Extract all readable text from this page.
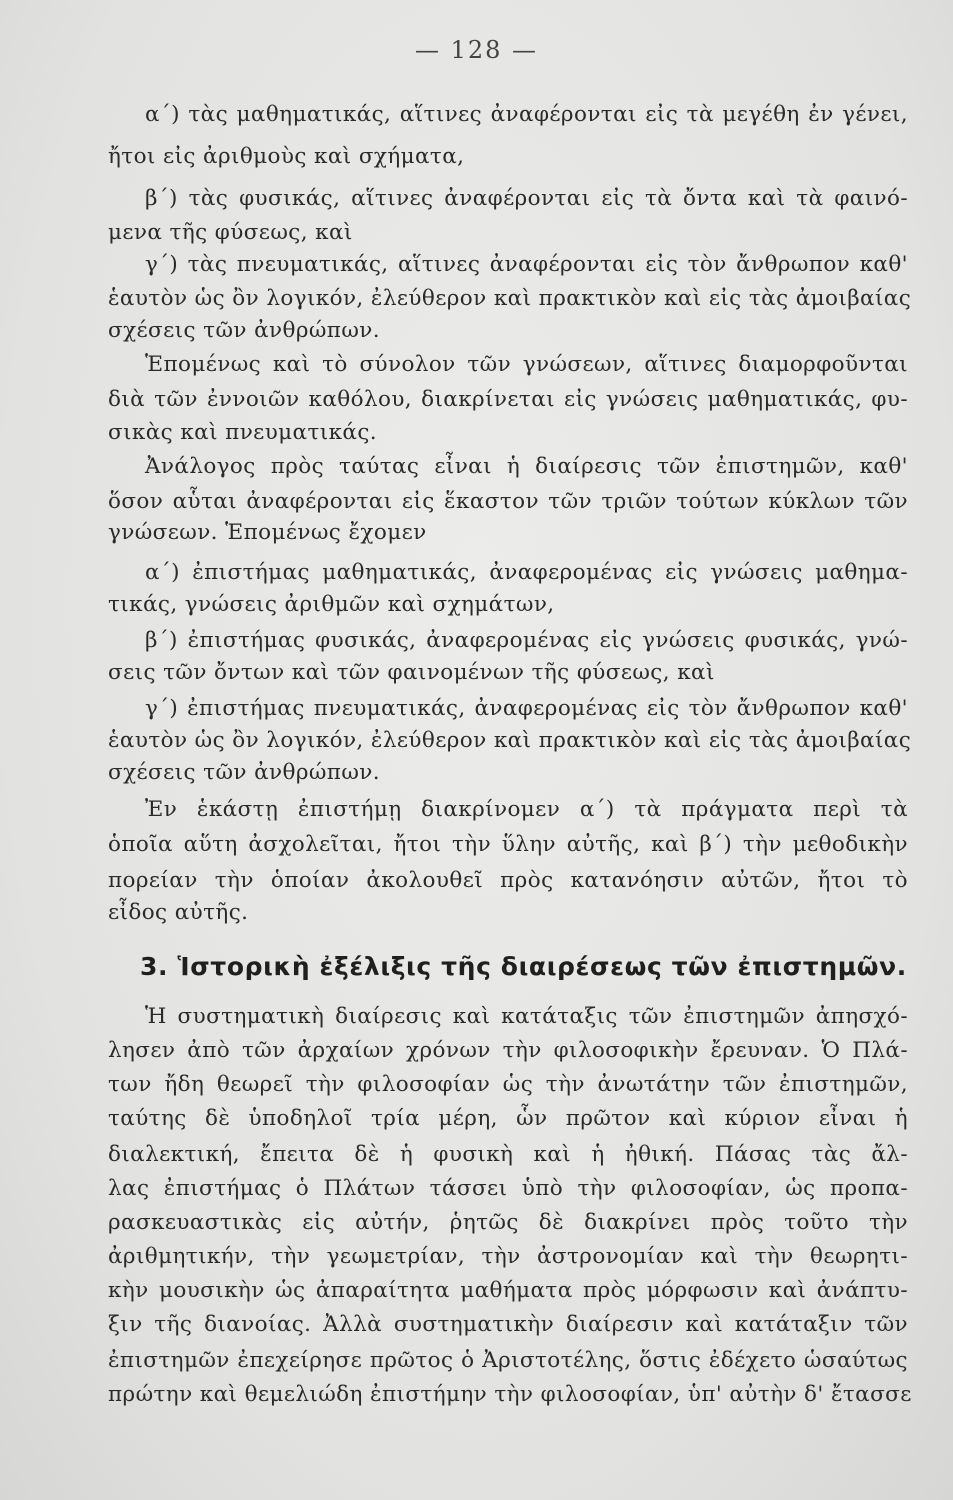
— 128 —
α΄) τὰς μαθηματικάς, αἵτινες ἀναφέρονται εἰς τὰ μεγέθη ἐν γένει,
ἤτοι εἰς ἀριθμοὺς καὶ σχήματα,
β΄) τὰς φυσικάς, αἵτινες ἀναφέρονται εἰς τὰ ὄντα καὶ τὰ φαινό-
μενα τῆς φύσεως, καὶ
γ΄) τὰς πνευματικάς, αἵτινες ἀναφέρονται εἰς τὸν ἄνθρωπον καθ'
ἑαυτὸν ὡς ὂν λογικόν, ἐλεύθερον καὶ πρακτικὸν καὶ εἰς τὰς ἀμοιβαίας
σχέσεις τῶν ἀνθρώπων.
Ἑπομένως καὶ τὸ σύνολον τῶν γνώσεων, αἵτινες διαμορφοῦνται
διὰ τῶν ἐννοιῶν καθόλου, διακρίνεται εἰς γνώσεις μαθηματικάς, φυ-
σικὰς καὶ πνευματικάς.
Ἀνάλογος πρὸς ταύτας εἶναι ἡ διαίρεσις τῶν ἐπιστημῶν, καθ'
ὅσον αὗται ἀναφέρονται εἰς ἕκαστον τῶν τριῶν τούτων κύκλων τῶν
γνώσεων. Ἑπομένως ἔχομεν
α΄) ἐπιστήμας μαθηματικάς, ἀναφερομένας εἰς γνώσεις μαθημα-
τικάς, γνώσεις ἀριθμῶν καὶ σχημάτων,
β΄) ἐπιστήμας φυσικάς, ἀναφερομένας εἰς γνώσεις φυσικάς, γνώ-
σεις τῶν ὄντων καὶ τῶν φαινομένων τῆς φύσεως, καὶ
γ΄) ἐπιστήμας πνευματικάς, ἀναφερομένας εἰς τὸν ἄνθρωπον καθ'
ἑαυτὸν ὡς ὂν λογικόν, ἐλεύθερον καὶ πρακτικὸν καὶ εἰς τὰς ἀμοιβαίας
σχέσεις τῶν ἀνθρώπων.
Ἐν ἑκάστῃ ἐπιστήμῃ διακρίνομεν α΄) τὰ πράγματα περὶ τὰ
ὁποῖα αὕτη ἀσχολεῖται, ἤτοι τὴν ὕλην αὐτῆς, καὶ β΄) τὴν μεθοδικὴν
πορείαν τὴν ὁποίαν ἀκολουθεῖ πρὸς κατανόησιν αὐτῶν, ἤτοι τὸ
εἶδος αὐτῆς.
3. Ἱστορικὴ ἐξέλιξις τῆς διαιρέσεως τῶν ἐπιστημῶν.
Ἡ συστηματικὴ διαίρεσις καὶ κατάταξις τῶν ἐπιστημῶν ἀπησχό-
λησεν ἀπὸ τῶν ἀρχαίων χρόνων τὴν φιλοσοφικὴν ἔρευναν. Ὁ Πλά-
των ἤδη θεωρεῖ τὴν φιλοσοφίαν ὡς τὴν ἀνωτάτην τῶν ἐπιστημῶν,
ταύτης δὲ ὑποδηλοῖ τρία μέρη, ὧν πρῶτον καὶ κύριον εἶναι ἡ
διαλεκτική, ἔπειτα δὲ ἡ φυσικὴ καὶ ἡ ἠθική. Πάσας τὰς ἄλ-
λας ἐπιστήμας ὁ Πλάτων τάσσει ὑπὸ τὴν φιλοσοφίαν, ὡς προπα-
ρασκευαστικὰς εἰς αὐτήν, ῥητῶς δὲ διακρίνει πρὸς τοῦτο τὴν
ἀριθμητικήν, τὴν γεωμετρίαν, τὴν ἀστρονομίαν καὶ τὴν θεωρητι-
κὴν μουσικὴν ὡς ἀπαραίτητα μαθήματα πρὸς μόρφωσιν καὶ ἀνάπτυ-
ξιν τῆς διανοίας. Ἀλλὰ συστηματικὴν διαίρεσιν καὶ κατάταξιν τῶν
ἐπιστημῶν ἐπεχείρησε πρῶτος ὁ Ἀριστοτέλης, ὅστις ἐδέχετο ὡσαύτως
πρώτην καὶ θεμελιώδη ἐπιστήμην τὴν φιλοσοφίαν, ὑπ' αὐτὴν δ' ἔτασσε
